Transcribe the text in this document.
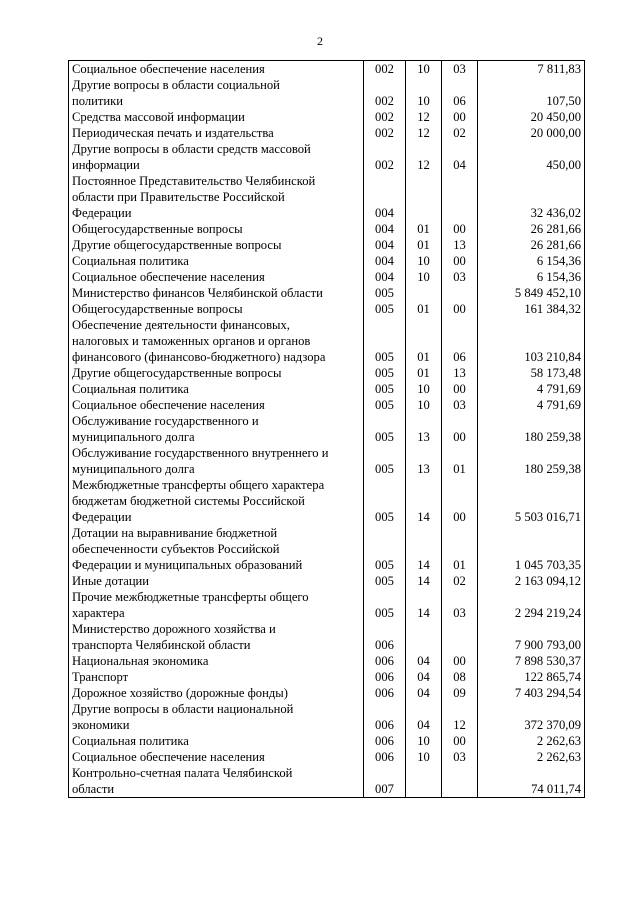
2
Социальное обеспечение населения	002	10	03	7 811,83

Другие вопросы в области социальной
политики	002	10	06	107,50

Средства массовой информации	002	12	00	20 450,00

Периодическая печать и издательства	002	12	02	20 000,00

Другие вопросы в области средств массовой
информации	002	12	04	450,00

Постоянное Представительство Челябинской
области при Правительстве Российской
Федерации	004			32 436,02

Общегосударственные вопросы	004	01	00	26 281,66

Другие общегосударственные вопросы	004	01	13	26 281,66

Социальная политика	004	10	00	6 154,36

Социальное обеспечение населения	004	10	03	6 154,36

Министерство финансов Челябинской области	005			5 849 452,10

Общегосударственные вопросы	005	01	00	161 384,32

Обеспечение деятельности финансовых,
налоговых и таможенных органов и органов
финансового (финансово-бюджетного) надзора	005	01	06	103 210,84

Другие общегосударственные вопросы	005	01	13	58 173,48

Социальная политика	005	10	00	4 791,69

Социальное обеспечение населения	005	10	03	4 791,69

Обслуживание государственного и
муниципального долга	005	13	00	180 259,38

Обслуживание государственного внутреннего и
муниципального долга	005	13	01	180 259,38

Межбюджетные трансферты общего характера
бюджетам бюджетной системы Российской
Федерации	005	14	00	5 503 016,71

Дотации на выравнивание бюджетной
обеспеченности субъектов Российской
Федерации и муниципальных образований	005	14	01	1 045 703,35

Иные дотации	005	14	02	2 163 094,12

Прочие межбюджетные трансферты общего
характера	005	14	03	2 294 219,24

Министерство дорожного хозяйства и
транспорта Челябинской области	006			7 900 793,00

Национальная экономика	006	04	00	7 898 530,37

Транспорт	006	04	08	122 865,74

Дорожное хозяйство (дорожные фонды)	006	04	09	7 403 294,54

Другие вопросы в области национальной
экономики	006	04	12	372 370,09

Социальная политика	006	10	00	2 262,63

Социальное обеспечение населения	006	10	03	2 262,63

Контрольно-счетная палата Челябинской
области	007			74 011,74
